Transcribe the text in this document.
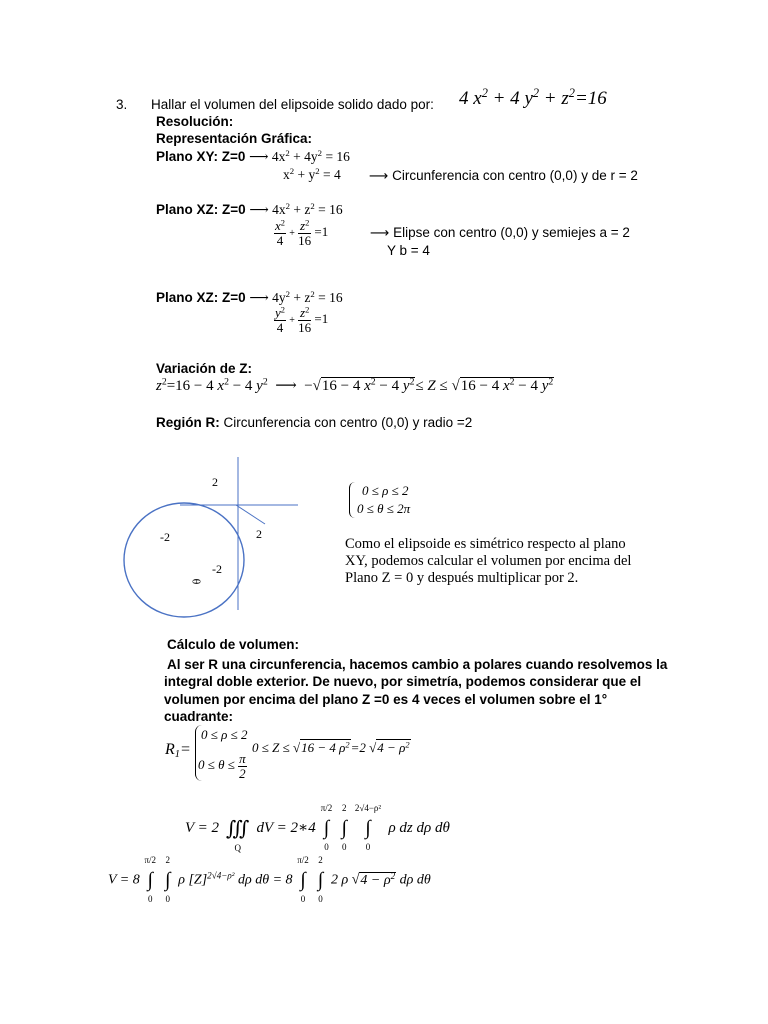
3. Hallar el volumen del elipsoide solido dado por: 4 $x^2 + 4$ $y^2 + z^2=16$
Resolución:
Representación Gráfica:
Plano XY: Z=0 ⟶ $4x^2 + 4y^2 = 16$
$x^2 + y^2 = 4$ ⟶ Circunferencia con centro (0,0) y de r = 2
Plano XZ: Z=0 ⟶ $4x^2 + z^2 = 16$
$\frac{x^2}{4} + \frac{z^2}{16} =1$	⟶ Elipse con centro (0,0) y semiejes a = 2
Y b = 4
Plano XZ: Z=0 ⟶ $4y^2 + z^2 = 16$
$\frac{y^2}{4} + \frac{z^2}{16} =1$
Variación de Z:
$z^2=16 - 4$ $x^2 - 4$ $y^2$  ⟶  −√16 − 4 $x^2 - 4$ $y^2\le Z \le √16 - 4$ $x^2 - 4$ $y^2$
Región R: Circunferencia con centro (0,0) y radio =2
2
-2	2
-2
θ
0 ≤ ρ ≤ 2
0 ≤ θ ≤ 2π
Como el elipsoide es simétrico respecto al plano
XY, podemos calcular el volumen por encima del
Plano Z = 0 y después multiplicar por 2.
Cálculo de volumen:
Al ser R una circunferencia, hacemos cambio a polares cuando resolvemos la
integral doble exterior. De nuevo, por simetría, podemos considerar que el
volumen por encima del plano Z =0 es 4 veces el volumen sobre el 1°
cuadrante:
$R_1=$
0 ≤ ρ ≤ 2
$0 \le \theta \le \frac{\pi}{2}$
0 ≤ Z ≤ √16 − 4 $\rho^2=2$ $√4 - \rho^2$
V = 2 ∭
Q
dV = 2∗4 ∫
π/2
0
∫
2
0
∫
2√4−ρ²
0
ρ dz dρ dθ
V = 8 ∫
π/2
0
∫
2
0
ρ $[Z]^{2√4-\rho^2}$ dρ dθ = 8 ∫
π/2
0
∫
2
0
2 ρ $√4 - \rho^2$ dρ dθ
